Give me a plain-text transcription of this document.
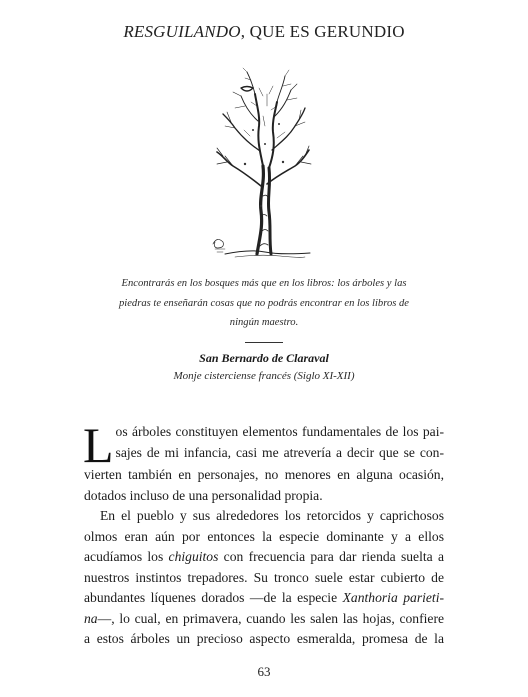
RESGUILANDO, QUE ES GERUNDIO
Encontrarás en los bosques más que en los libros: los árboles y las
piedras te enseñarán cosas que no podrás encontrar en los libros de
ningún maestro.
San Bernardo de Claraval
Monje cisterciense francés (Siglo XI-XII)
L os árboles constituyen elementos fundamentales de los pai-
sajes de mi infancia, casi me atrevería a decir que se con-
vierten también en personajes, no menores en alguna ocasión,
dotados incluso de una personalidad propia.
En el pueblo y sus alrededores los retorcidos y caprichosos
olmos eran aún por entonces la especie dominante y a ellos
acudíamos los chiguitos con frecuencia para dar rienda suelta a
nuestros instintos trepadores. Su tronco suele estar cubierto de
abundantes líquenes dorados —de la especie Xanthoria parieti-
na—, lo cual, en primavera, cuando les salen las hojas, confiere
a estos árboles un precioso aspecto esmeralda, promesa de la
63
